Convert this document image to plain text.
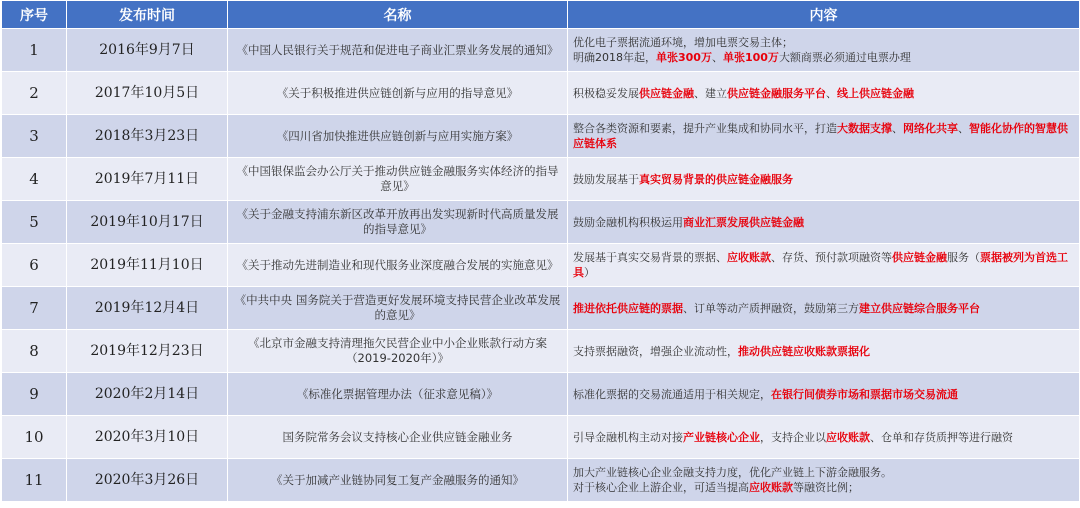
序号	发布时间	名称	内容
1	2016年9月7日	《中国人民银行关于规范和促进电子商业汇票业务发展的通知》	优化电子票据流通环境，增加电票交易主体；
明确2018年起，单张300万、单张100万大额商票必须通过电票办理
2	2017年10月5日	《关于积极推进供应链创新与应用的指导意见》	积极稳妥发展供应链金融、建立供应链金融服务平台、线上供应链金融
3	2018年3月23日	《四川省加快推进供应链创新与应用实施方案》	整合各类资源和要素，提升产业集成和协同水平，打造大数据支撑、网络化共享、智能化协作的智慧供应链体系
4	2019年7月11日	《中国银保监会办公厅关于推动供应链金融服务实体经济的指导意见》	鼓励发展基于真实贸易背景的供应链金融服务
5	2019年10月17日	《关于金融支持浦东新区改革开放再出发实现新时代高质量发展的指导意见》	鼓励金融机构积极运用商业汇票发展供应链金融
6	2019年11月10日	《关于推动先进制造业和现代服务业深度融合发展的实施意见》	发展基于真实交易背景的票据、应收账款、存货、预付款项融资等供应链金融服务（票据被列为首选工具）
7	2019年12月4日	《中共中央 国务院关于营造更好发展环境支持民营企业改革发展的意见》	推进依托供应链的票据、订单等动产质押融资，鼓励第三方建立供应链综合服务平台
8	2019年12月23日	《北京市金融支持清理拖欠民营企业中小企业账款行动方案（2019-2020年）》	支持票据融资，增强企业流动性，推动供应链应收账款票据化
9	2020年2月14日	《标准化票据管理办法（征求意见稿）》	标准化票据的交易流通适用于相关规定，在银行间债券市场和票据市场交易流通
10	2020年3月10日	国务院常务会议支持核心企业供应链金融业务	引导金融机构主动对接产业链核心企业，支持企业以应收账款、仓单和存货质押等进行融资
11	2020年3月26日	《关于加减产业链协同复工复产金融服务的通知》	加大产业链核心企业金融支持力度，优化产业链上下游金融服务。
对于核心企业上游企业，可适当提高应收账款等融资比例；
